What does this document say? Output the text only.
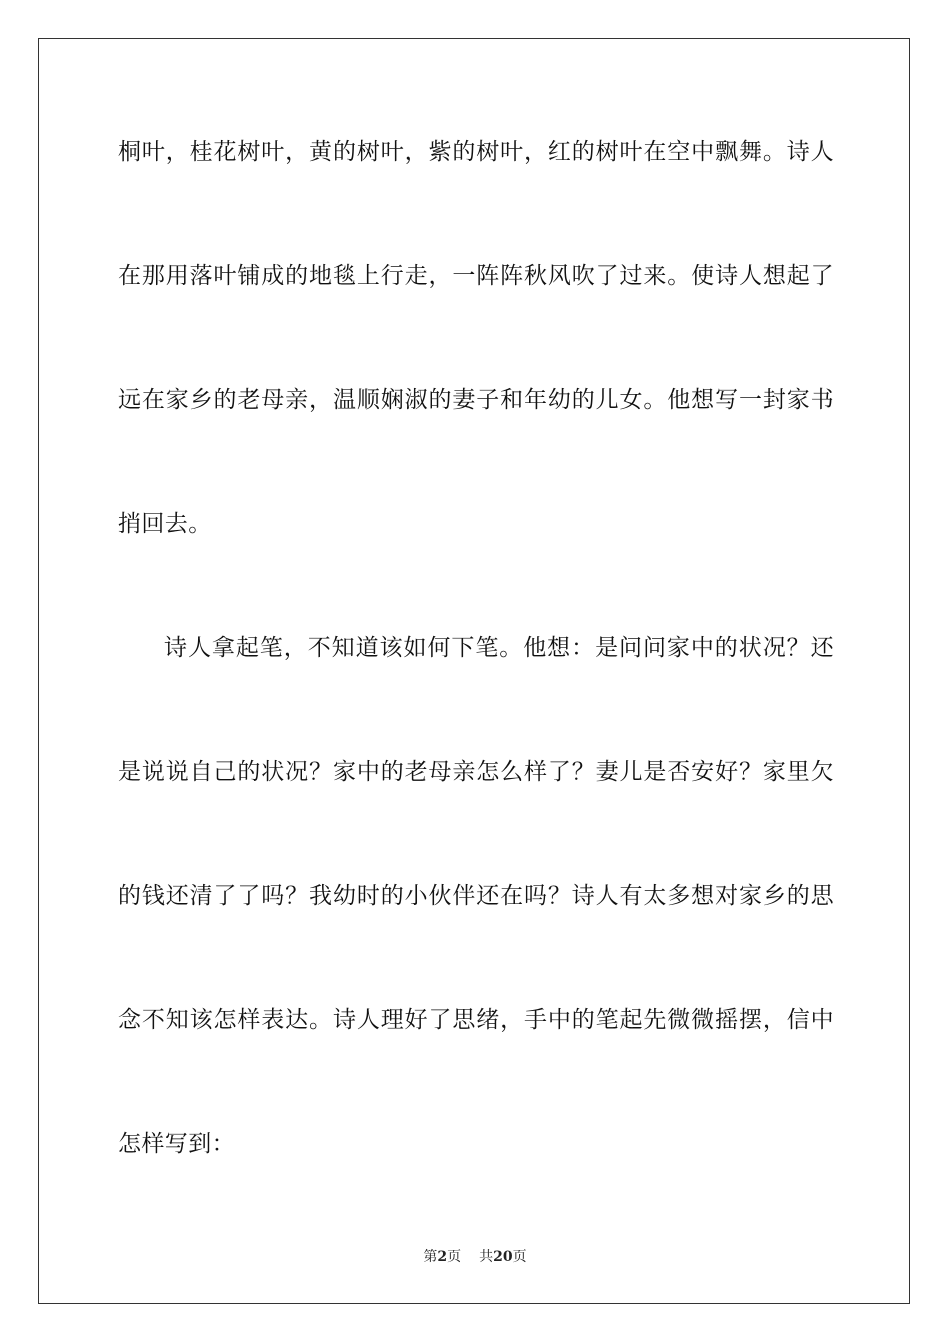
桐叶，桂花树叶，黄的树叶，紫的树叶，红的树叶在空中飘舞。诗人
在那用落叶铺成的地毯上行走，一阵阵秋风吹了过来。使诗人想起了
远在家乡的老母亲，温顺娴淑的妻子和年幼的儿女。他想写一封家书
捎回去。
诗人拿起笔，不知道该如何下笔。他想：是问问家中的状况？还
是说说自己的状况？家中的老母亲怎么样了？妻儿是否安好？家里欠
的钱还清了了吗？我幼时的小伙伴还在吗？诗人有太多想对家乡的思
念不知该怎样表达。诗人理好了思绪，手中的笔起先微微摇摆，信中
怎样写到：
第2页 共20页
